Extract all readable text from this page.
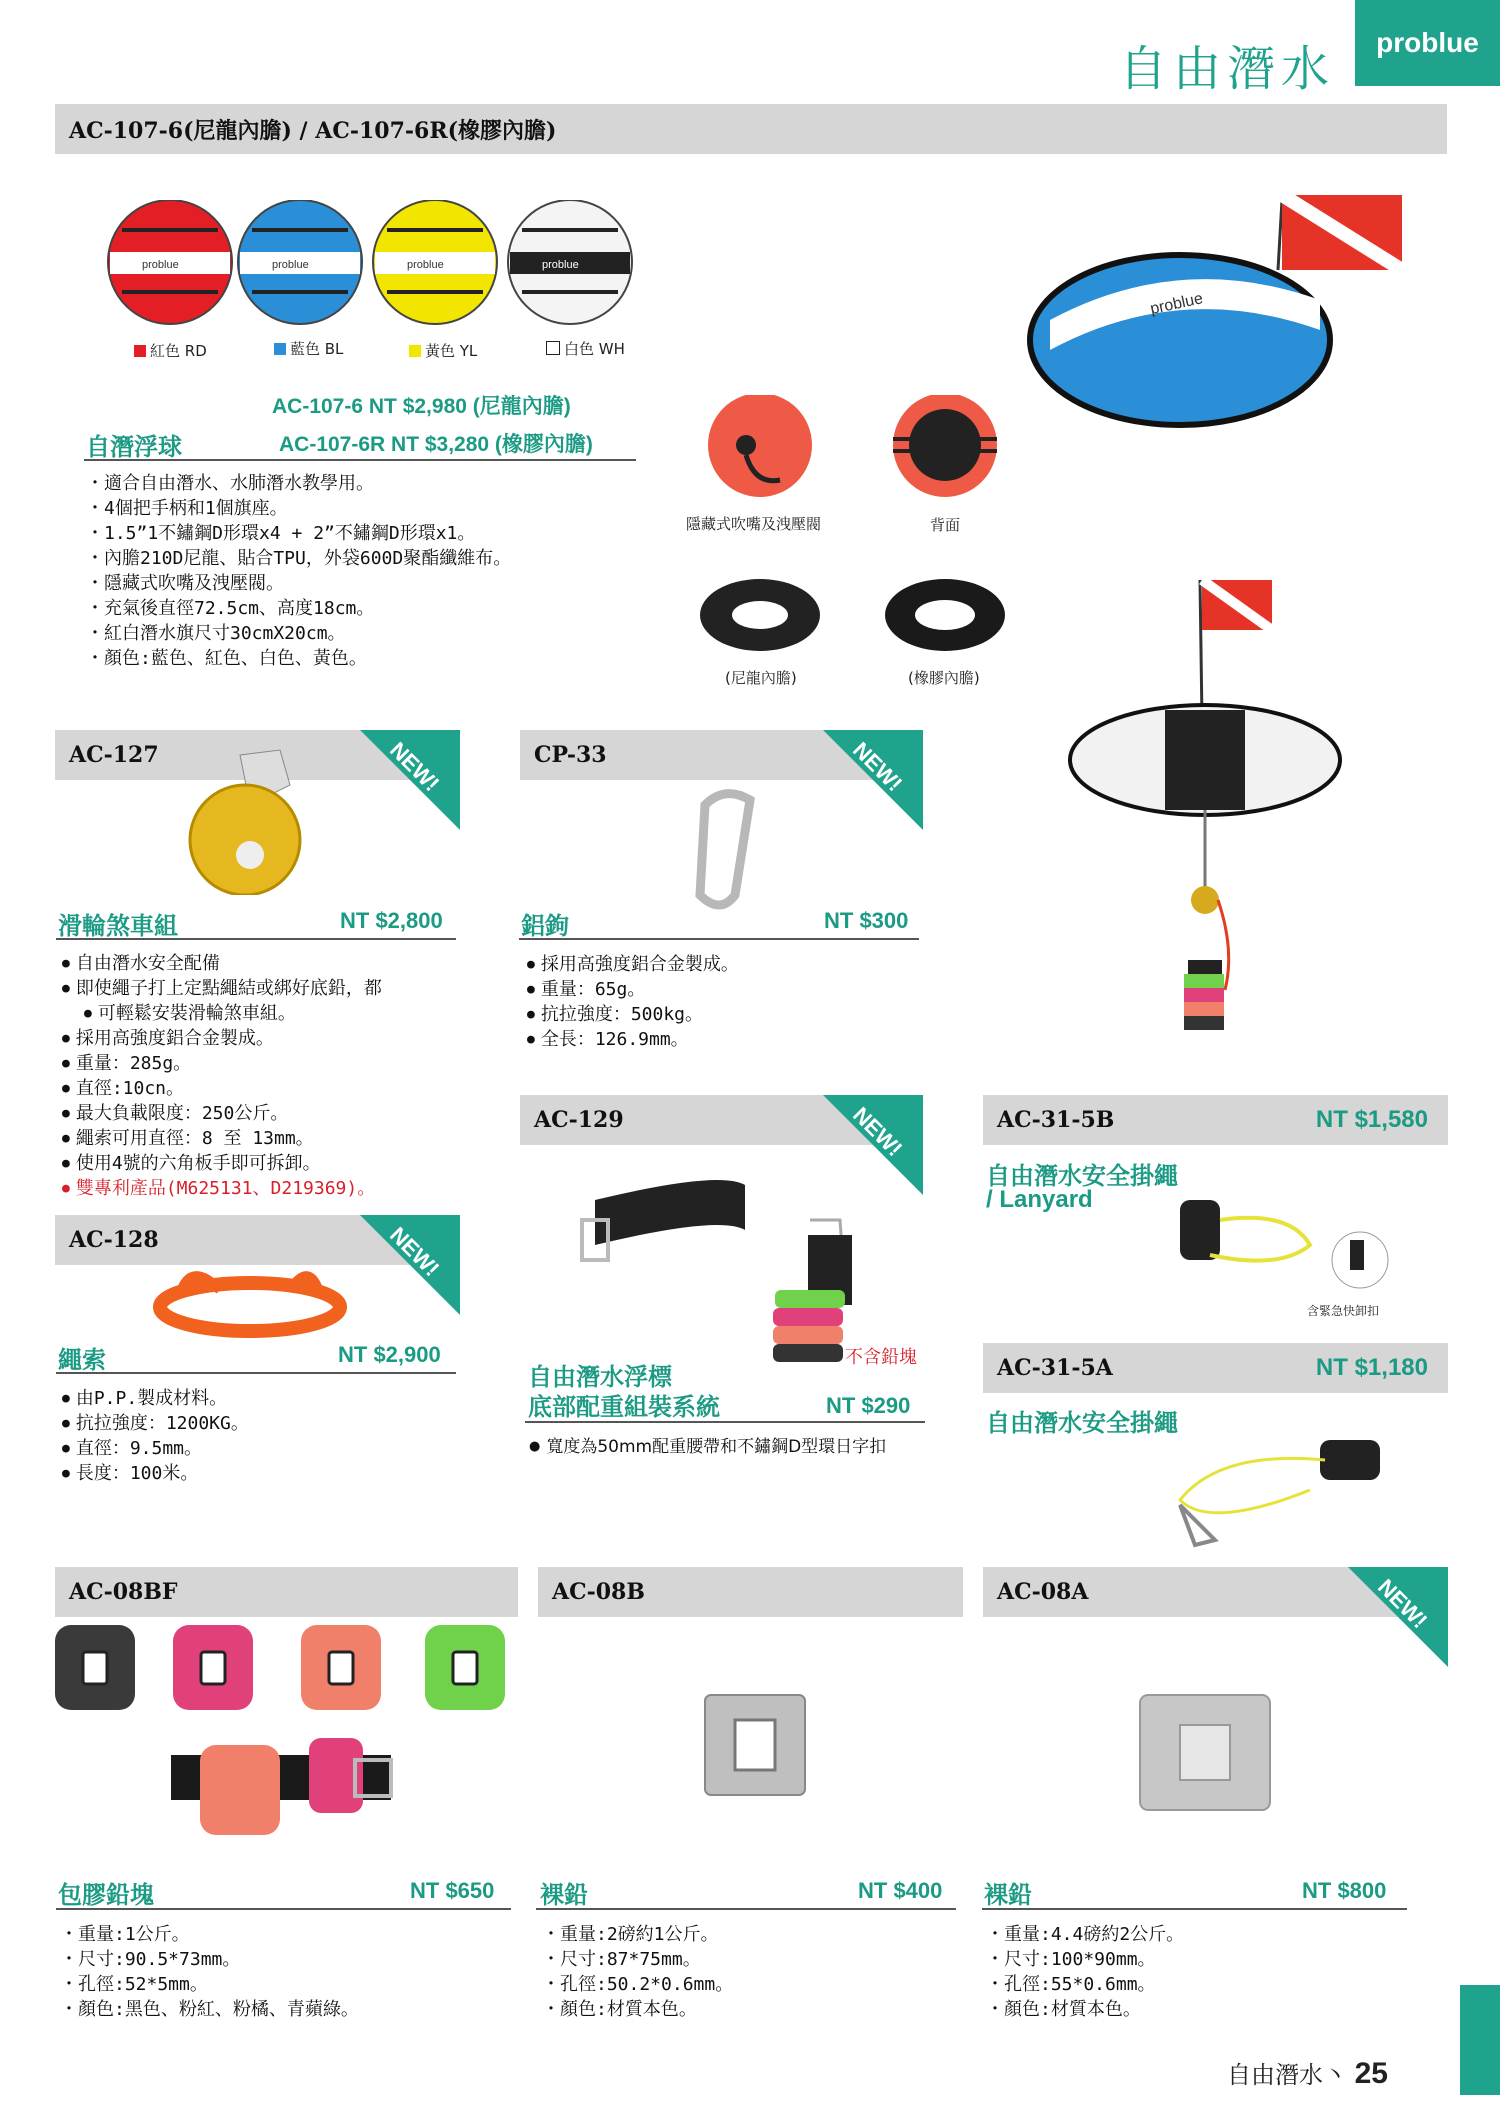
自由潛水	problue
AC-107-6(尼龍內膽) / AC-107-6R(橡膠內膽)
problue	problue	problue	problue
紅色 RD	藍色 BL	黃色 YL	白色 WH
AC-107-6 NT $2,980 (尼龍內膽)
自潛浮球	AC-107-6R NT $3,280 (橡膠內膽)
・ 適合自由潛水、水肺潛水教學用。
・ 4個把手柄和1個旗座。
・ 1.5”1不鏽鋼D形環x4 + 2”不鏽鋼D形環x1。
・ 內膽210D尼龍、貼合TPU，外袋600D聚酯纖維布。
・ 隱藏式吹嘴及洩壓閥。
・ 充氣後直徑72.5cm、高度18cm。
・ 紅白潛水旗尺寸30cmX20cm。
・ 顏色:藍色、紅色、白色、黃色。
隱藏式吹嘴及洩壓閥	背面
(尼龍內膽)	(橡膠內膽)
problue
AC-127	NEW!
滑輪煞車組	NT $2,800
● 自由潛水安全配備
● 即使繩子打上定點繩結或綁好底鉛，都
● 可輕鬆安裝滑輪煞車組。
● 採用高強度鋁合金製成。
● 重量：285g。
● 直徑:10cn。
● 最大負載限度：250公斤。
● 繩索可用直徑：8 至 13mm。
● 使用4號的六角板手即可拆卸。
● 雙專利產品(M625131、D219369)。
CP-33	NEW!
鋁鉤	NT $300
● 採用高強度鋁合金製成。
● 重量：65g。
● 抗拉強度：500kg。
● 全長：126.9mm。
AC-128	NEW!
繩索	NT $2,900
● 由P.P.製成材料。
● 抗拉強度：1200KG。
● 直徑：9.5mm。
● 長度：100米。
AC-129	NEW!
不含鉛塊
自由潛水浮標
底部配重組裝系統	NT $290
● 寬度為50mm配重腰帶和不鏽鋼D型環日字扣
AC-31-5B	NT $1,580
自由潛水安全掛繩
/ Lanyard
含緊急快卸扣
AC-31-5A	NT $1,180
自由潛水安全掛繩
AC-08BF
包膠鉛塊	NT $650
・ 重量:1公斤。
・ 尺寸:90.5*73mm。
・ 孔徑:52*5mm。
・ 顏色:黑色、粉紅、粉橘、青蘋綠。
AC-08B
裸鉛	NT $400
・ 重量:2磅約1公斤。
・ 尺寸:87*75mm。
・ 孔徑:50.2*0.6mm。
・ 顏色:材質本色。
AC-08A	NEW!
裸鉛	NT $800
・ 重量:4.4磅約2公斤。
・ 尺寸:100*90mm。
・ 孔徑:55*0.6mm。
・ 顏色:材質本色。
自由潛水丶 25
